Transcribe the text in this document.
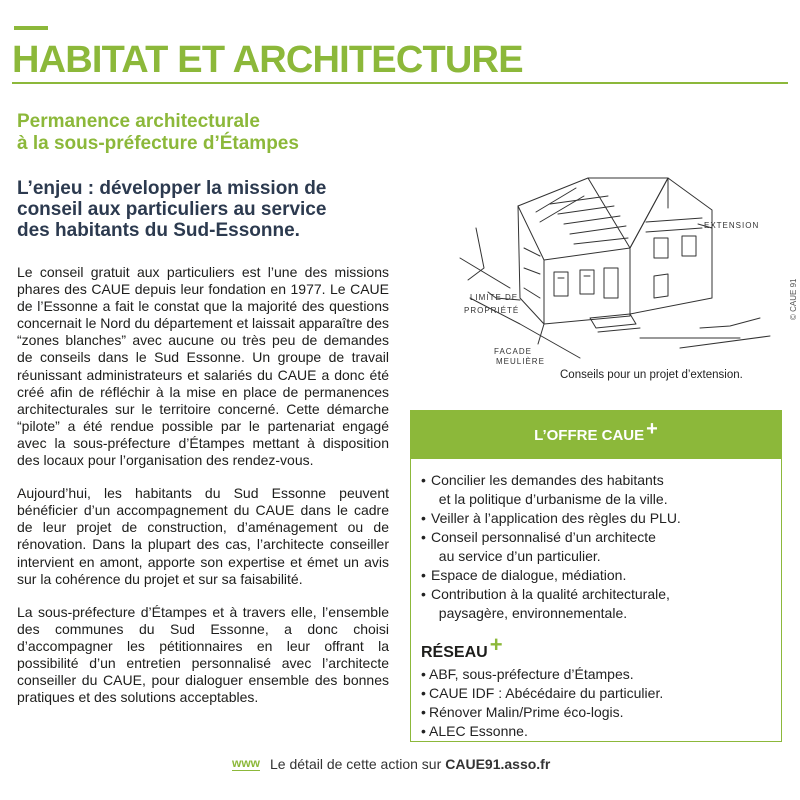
HABITAT ET ARCHITECTURE
Permanence architecturale
à la sous-préfecture d’Étampes
L’enjeu : développer la mission de
conseil aux particuliers au service
des habitants du Sud-Essonne.

Le conseil gratuit aux particuliers est l’une des missions phares des CAUE depuis leur fondation en 1977. Le CAUE de l’Essonne a fait le constat que la majorité des questions concernait le Nord du département et laissait apparaître des “zones blanches” avec aucune ou très peu de demandes de conseils dans le Sud Essonne. Un groupe de travail réunissant administrateurs et salariés du CAUE a donc été créé afin de réfléchir à la mise en place de permanences architecturales sur le territoire concerné. Cette démarche “pilote” a été rendue possible par le partenariat engagé avec la sous-préfecture d’Étampes mettant à disposition des locaux pour l’organisation des rendez-vous.

Aujourd’hui, les habitants du Sud Essonne peuvent bénéficier d’un accompagnement du CAUE dans le cadre de leur projet de construction, d’aménagement ou de rénovation. Dans la plupart des cas, l’architecte conseiller intervient en amont, apporte son expertise et émet un avis sur la cohérence du projet et sur sa faisabilité.

La sous-préfecture d’Étampes et à travers elle, l’ensemble des communes du Sud Essonne, a donc choisi d’accompagner les pétitionnaires en leur offrant la possibilité d’un entretien personnalisé avec l’architecte conseiller du CAUE, pour dialoguer ensemble des bonnes pratiques et des solutions acceptables.

EXTENSION
LIMITE DE
PROPRIÉTÉ
FACADE
MEULIÈRE
Conseils pour un projet d’extension.
© CAUE 91
L’OFFRE CAUE +
• Concilier les demandes des habitants
et la politique d’urbanisme de la ville.
• Veiller à l’application des règles du PLU.
• Conseil personnalisé d’un architecte
au service d’un particulier.
• Espace de dialogue, médiation.
• Contribution à la qualité architecturale,
paysagère, environnementale.
RÉSEAU+
• ABF, sous-préfecture d’Étampes.
• CAUE IDF : Abécédaire du particulier.
• Rénover Malin/Prime éco-logis.
• ALEC Essonne.
www Le détail de cette action sur CAUE91.asso.fr
